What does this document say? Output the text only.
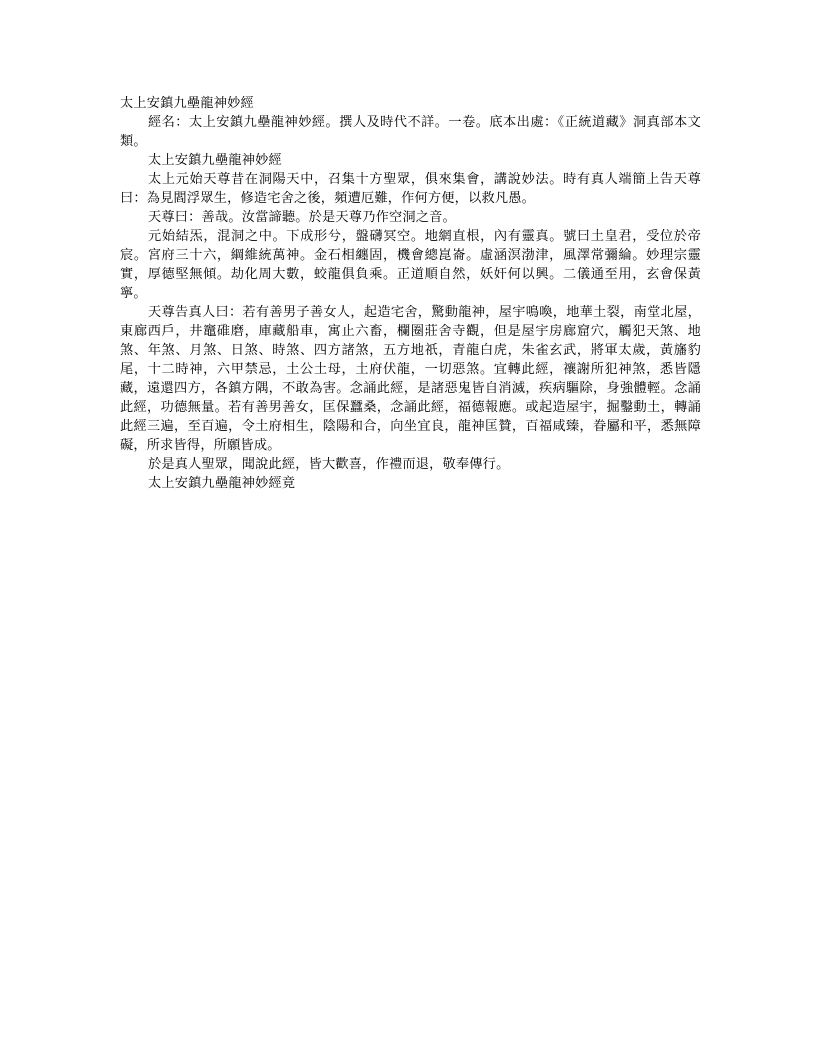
太上安鎮九壘龍神妙經

經名：太上安鎮九壘龍神妙經。撰人及時代不詳。一卷。底本出處：《正統道藏》洞真部本文類。

太上安鎮九壘龍神妙經

太上元始天尊昔在洞陽天中，召集十方聖眾，俱來集會，講說妙法。時有真人端簡上告天尊曰：為見閻浮眾生，修造宅舍之後，頻遭厄難，作何方便，以救凡愚。

天尊曰：善哉。汝當諦聽。於是天尊乃作空洞之音。

元始結炁，混洞之中。下成形兮，盤礴冥空。地網直根，內有靈真。號曰土皇君，受位於帝宸。宮府三十六，綱維統萬神。金石相纏固，機會總崑崙。虛涵溟渤津，風澤常彌綸。妙理宗靈實，厚德堅無傾。劫化周大數，蛟龍俱負乘。正道順自然，妖奸何以興。二儀通至用，玄會保黃寧。

天尊告真人曰：若有善男子善女人，起造宅舍，驚動龍神，屋宇鳴喚，地華土裂，南堂北屋，東廊西戶，井竈碓磨，庫藏船車，寓止六畜，欄圈莊舍寺觀，但是屋宇房廊窟穴，觸犯天煞、地煞、年煞、月煞、日煞、時煞、四方諸煞，五方地祇，青龍白虎，朱雀玄武，將軍太歲，黃旛豹尾，十二時神，六甲禁忌，土公土母，土府伏龍，一切惡煞。宜轉此經，禳謝所犯神煞，悉皆隱藏，遠還四方，各鎮方隅，不敢為害。念誦此經，是諸惡鬼皆自消滅，疾病驅除，身強體輕。念誦此經，功德無量。若有善男善女，匡保蠶桑，念誦此經，福德報應。或起造屋宇，掘鑿動土，轉誦此經三遍，至百遍，令土府相生，陰陽和合，向坐宜良，龍神匡贊，百福咸臻，眷屬和平，悉無障礙，所求皆得，所願皆成。

於是真人聖眾，聞說此經，皆大歡喜，作禮而退，敬奉傳行。

太上安鎮九壘龍神妙經竟
